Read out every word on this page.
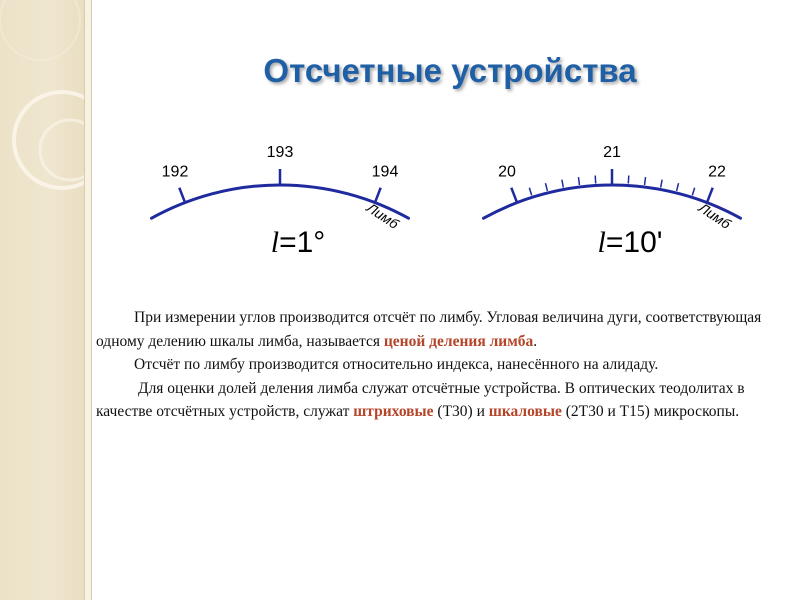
Отсчетные устройства
192
193
194
Лимб
l=1°
20
21
22
Лимб
l=10'

При измерении углов производится отсчёт по лимбу. Угловая величина дуги, соответствующая одному делению шкалы лимба, называется ценой деления лимба.

Отсчёт по лимбу производится относительно индекса, нанесённого на алидаду.

Для оценки долей деления лимба служат отсчётные устройства. В оптических теодолитах в качестве отсчётных устройств, служат штриховые (Т30) и шкаловые (2Т30 и Т15) микроскопы.
